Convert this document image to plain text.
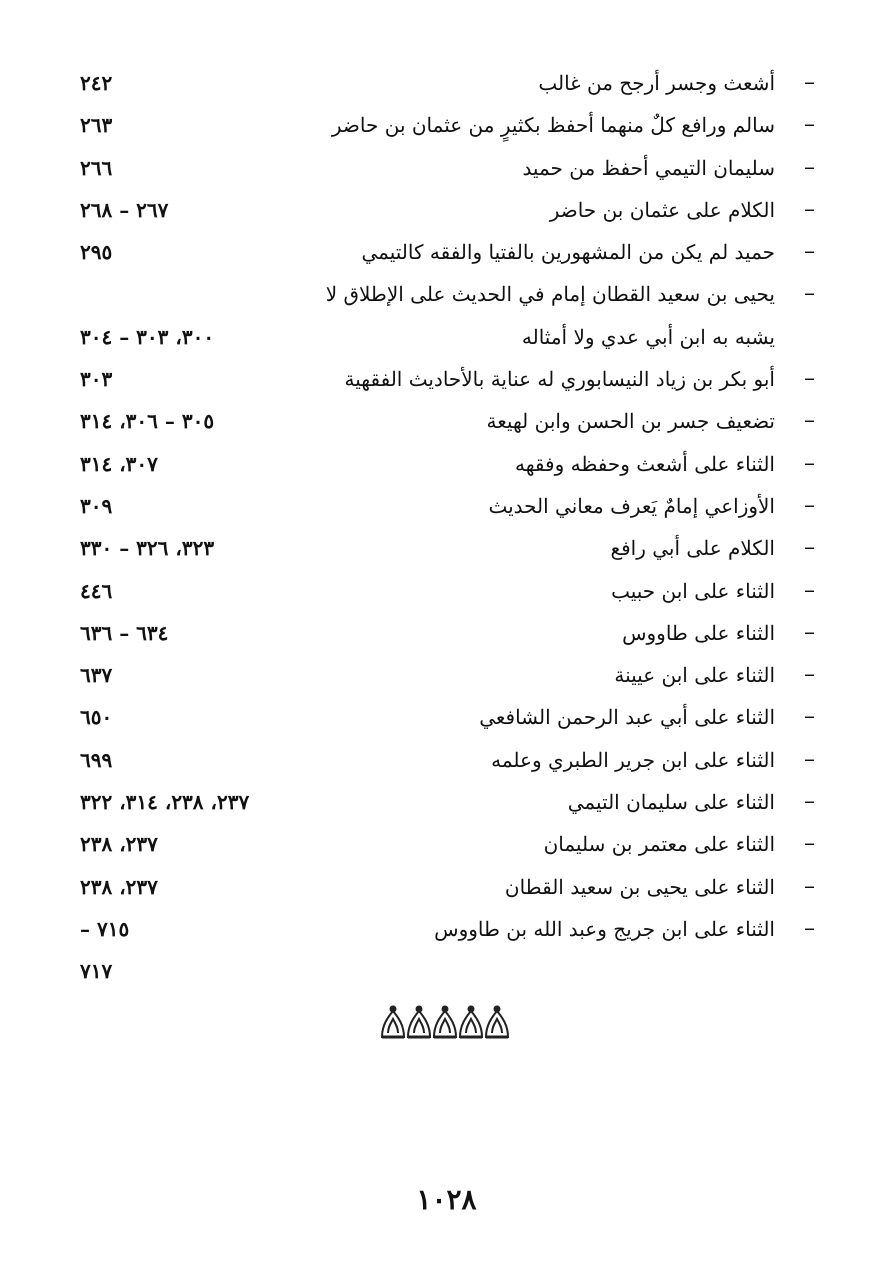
–
أشعث وجسر أرجح من غالب
٢٤٢
–
سالم ورافع كلٌ منهما أحفظ بكثيرٍ من عثمان بن حاضر
٢٦٣
–
سليمان التيمي أحفظ من حميد
٢٦٦
–
الكلام على عثمان بن حاضر
٢٦٧ – ٢٦٨
–
حميد لم يكن من المشهورين بالفتيا والفقه كالتيمي
٢٩٥
–
يحيى بن سعيد القطان إمام في الحديث على الإطلاق لا
يشبه به ابن أبي عدي ولا أمثاله
٣٠٠، ٣٠٣ – ٣٠٤
–
أبو بكر بن زياد النيسابوري له عناية بالأحاديث الفقهية
٣٠٣
–
تضعيف جسر بن الحسن وابن لهيعة
٣٠٥ – ٣٠٦، ٣١٤
–
الثناء على أشعث وحفظه وفقهه
٣٠٧، ٣١٤
–
الأوزاعي إمامٌ يَعرف معاني الحديث
٣٠٩
–
الكلام على أبي رافع
٣٢٣، ٣٢٦ – ٣٣٠
–
الثناء على ابن حبيب
٤٤٦
–
الثناء على طاووس
٦٣٤ – ٦٣٦
–
الثناء على ابن عيينة
٦٣٧
–
الثناء على أبي عبد الرحمن الشافعي
٦٥٠
–
الثناء على ابن جرير الطبري وعلمه
٦٩٩
–
الثناء على سليمان التيمي
٢٣٧، ٢٣٨، ٣١٤، ٣٢٢
–
الثناء على معتمر بن سليمان
٢٣٧، ٢٣٨
–
الثناء على يحيى بن سعيد القطان
٢٣٧، ٢٣٨
–
الثناء على ابن جريج وعبد الله بن طاووس
٧١٥ –
٧١٧
١٠٢٨
